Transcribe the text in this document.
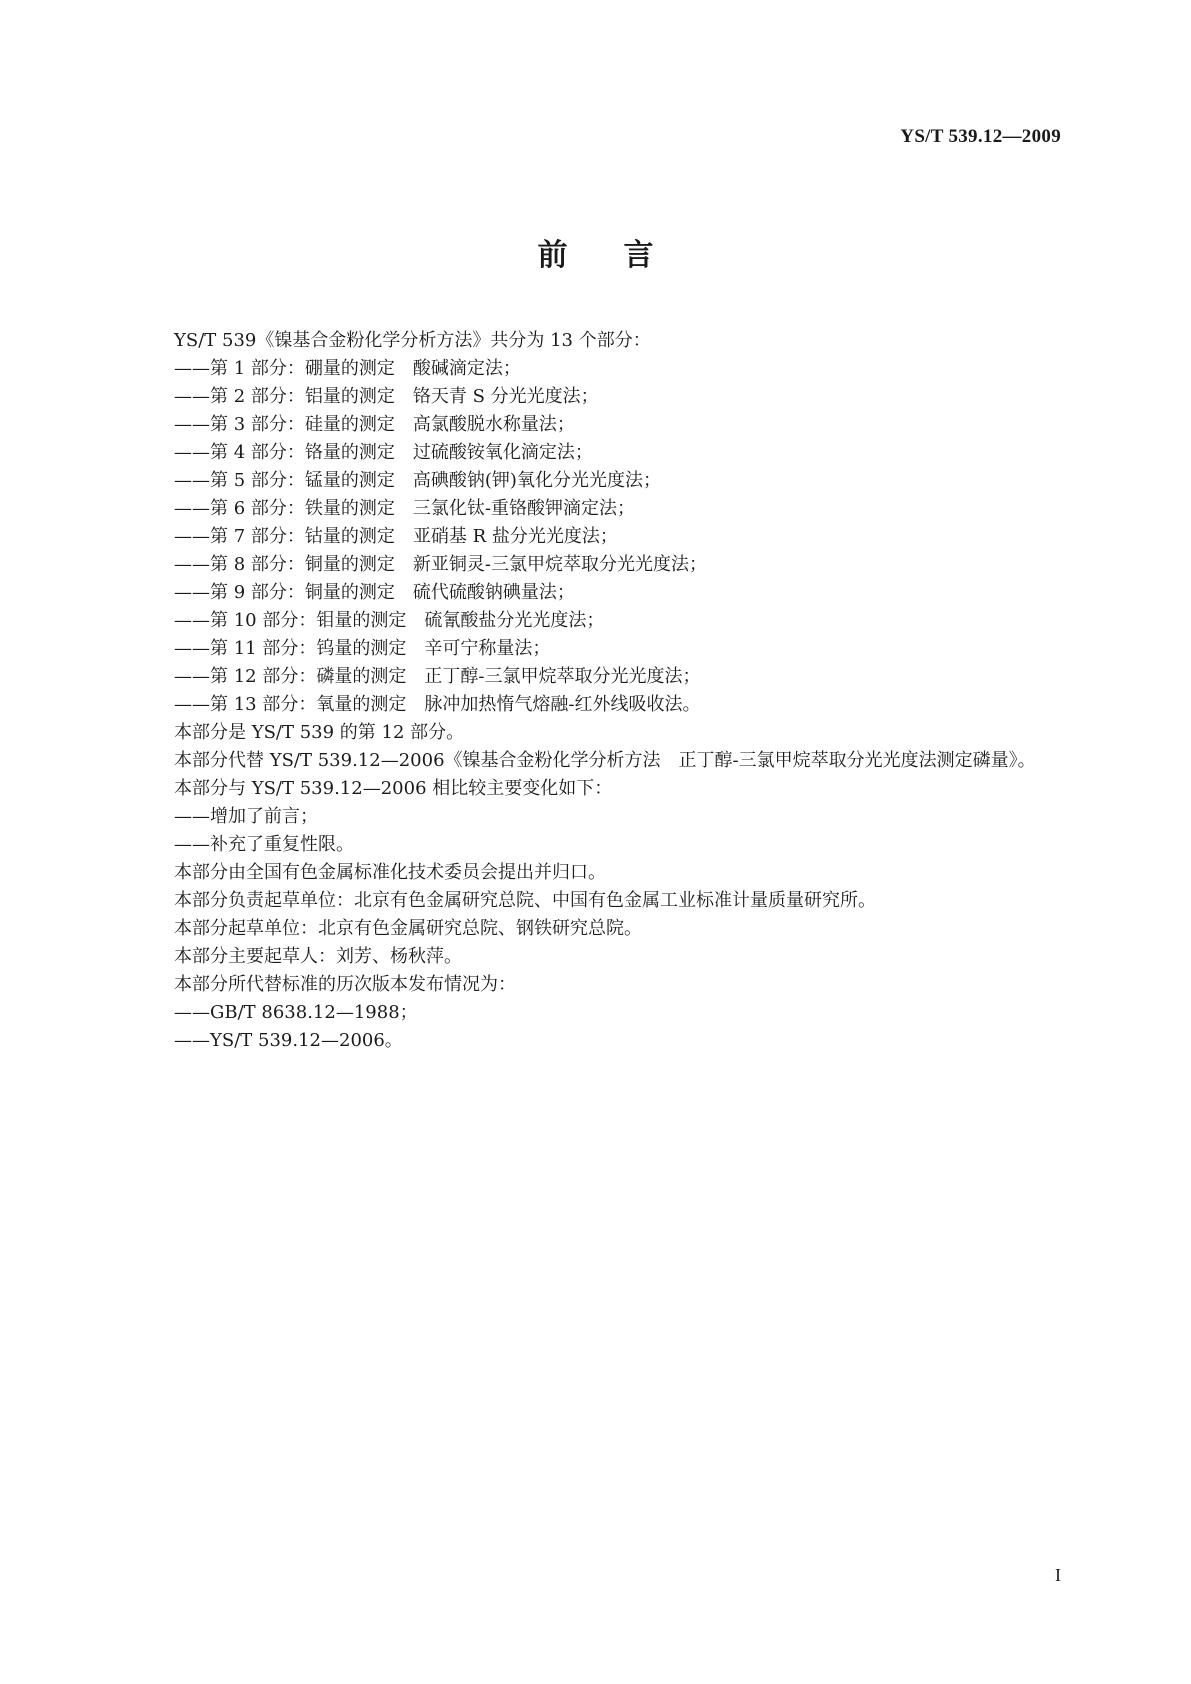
YS/T 539.12—2009
前言

YS/T 539《镍基合金粉化学分析方法》共分为 13 个部分：

——第 1 部分：硼量的测定 酸碱滴定法；

——第 2 部分：铝量的测定 铬天青 S 分光光度法；

——第 3 部分：硅量的测定 高氯酸脱水称量法；

——第 4 部分：铬量的测定 过硫酸铵氧化滴定法；

——第 5 部分：锰量的测定 高碘酸钠(钾)氧化分光光度法；

——第 6 部分：铁量的测定 三氯化钛-重铬酸钾滴定法；

——第 7 部分：钴量的测定 亚硝基 R 盐分光光度法；

——第 8 部分：铜量的测定 新亚铜灵-三氯甲烷萃取分光光度法；

——第 9 部分：铜量的测定 硫代硫酸钠碘量法；

——第 10 部分：钼量的测定 硫氰酸盐分光光度法；

——第 11 部分：钨量的测定 辛可宁称量法；

——第 12 部分：磷量的测定 正丁醇-三氯甲烷萃取分光光度法；

——第 13 部分：氧量的测定 脉冲加热惰气熔融-红外线吸收法。

本部分是 YS/T 539 的第 12 部分。

本部分代替 YS/T 539.12—2006《镍基合金粉化学分析方法 正丁醇-三氯甲烷萃取分光光度法测定磷量》。

本部分与 YS/T 539.12—2006 相比较主要变化如下：

——增加了前言；

——补充了重复性限。

本部分由全国有色金属标准化技术委员会提出并归口。

本部分负责起草单位：北京有色金属研究总院、中国有色金属工业标准计量质量研究所。

本部分起草单位：北京有色金属研究总院、钢铁研究总院。

本部分主要起草人：刘芳、杨秋萍。

本部分所代替标准的历次版本发布情况为：

——GB/T 8638.12—1988；

——YS/T 539.12—2006。

I
